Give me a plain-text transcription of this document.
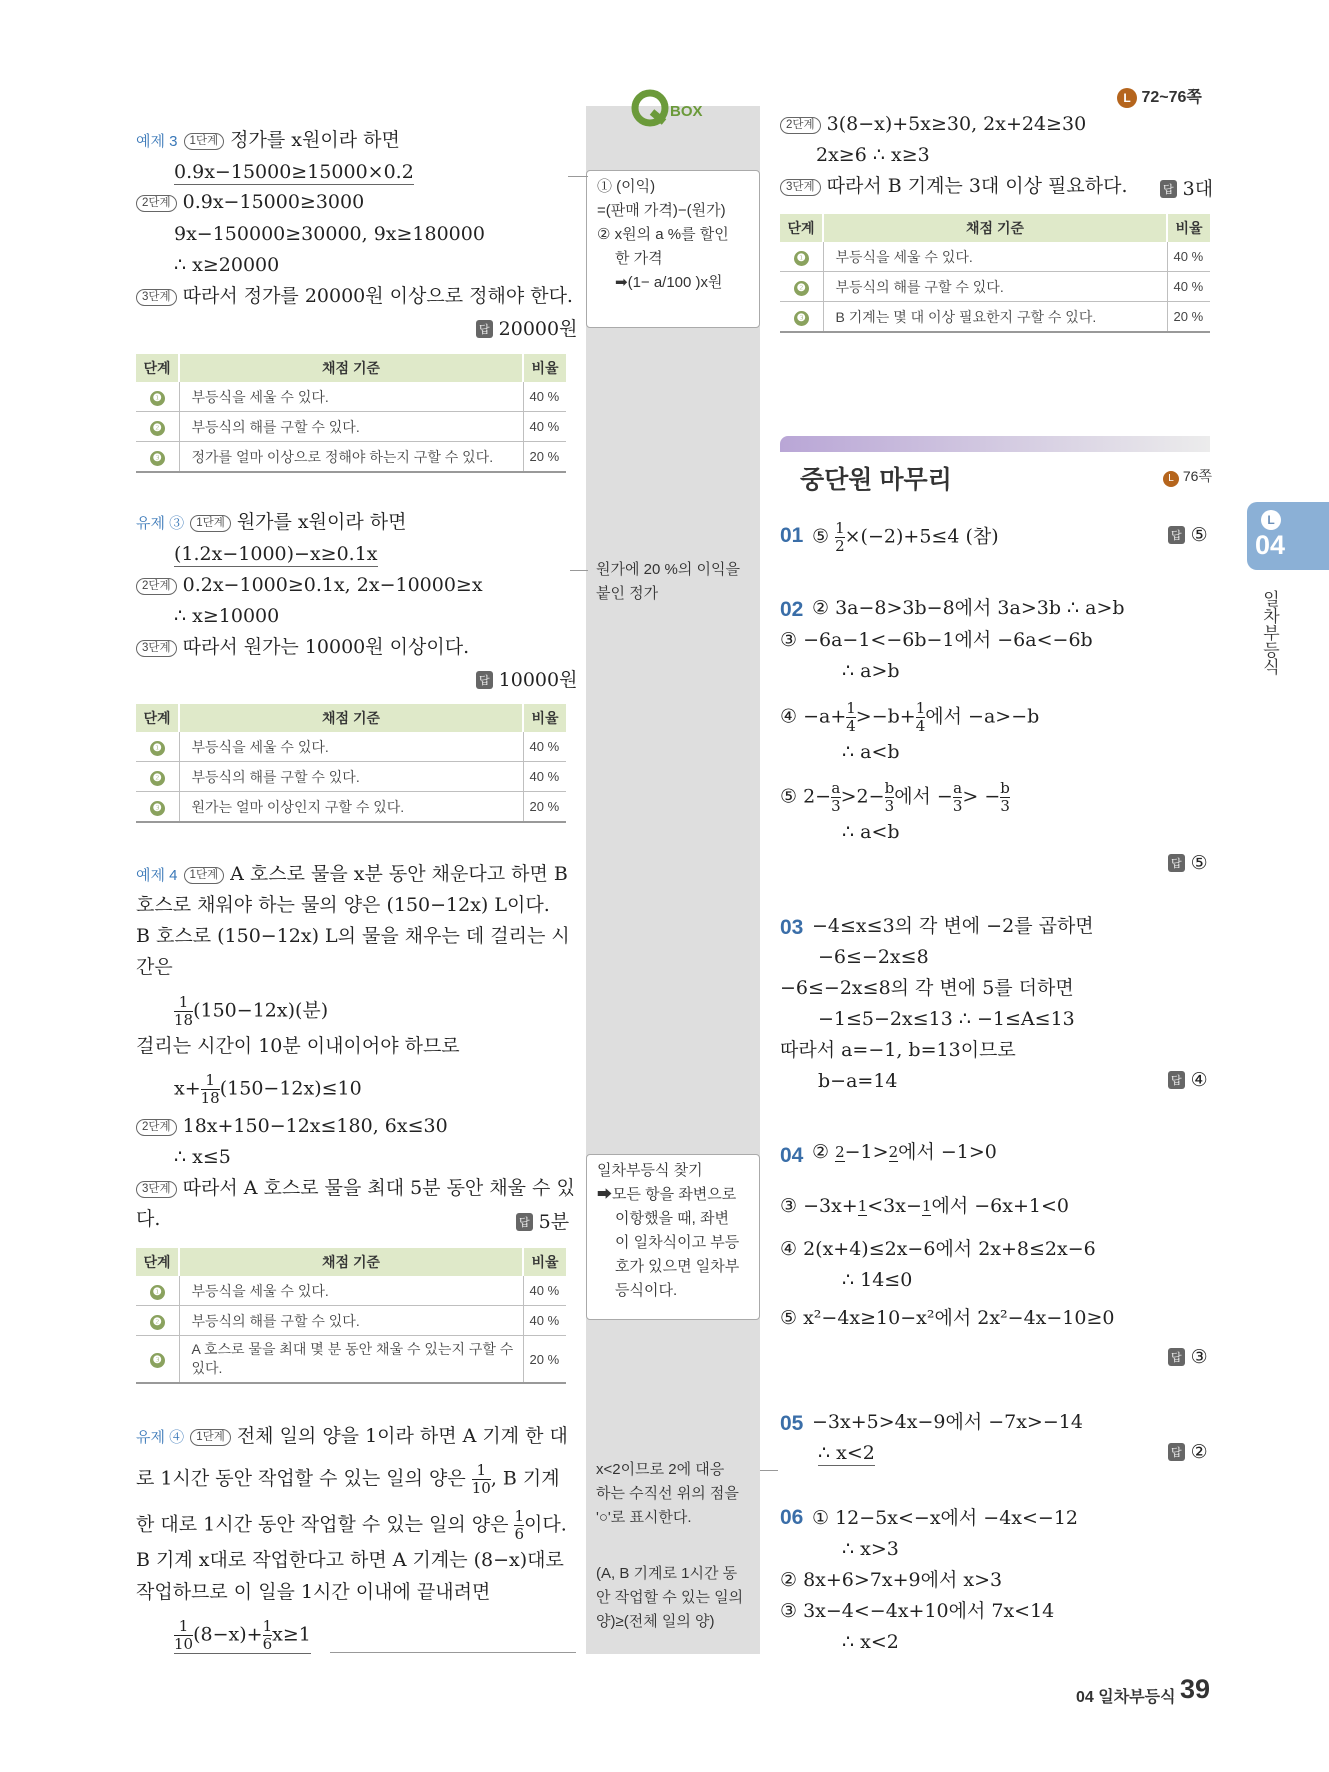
L 72~76쪽
BOX
① (이익)
=(판매 가격)−(원가)
② x원의 a %를 할인
한 가격
➡(1− a/100 )x원
원가에 20 %의 이익을
붙인 정가
일차부등식 찾기
➡모든 항을 좌변으로
이항했을 때, 좌변
이 일차식이고 부등
호가 있으면 일차부
등식이다.
x<2이므로 2에 대응
하는 수직선 위의 점을
'○'로 표시한다.
(A, B 기계로 1시간 동
안 작업할 수 있는 일의
양)≥(전체 일의 양)
예제 3 1단계 정가를 x원이라 하면
0.9x−15000≥15000×0.2
2단계 0.9x−15000≥3000
9x−150000≥30000, 9x≥180000
∴ x≥20000
3단계 따라서 정가를 20000원 이상으로 정해야 한다.
답 20000원
단계	채점 기준	비율
❶	부등식을 세울 수 있다.	40 %
❷	부등식의 해를 구할 수 있다.	40 %
❸	정가를 얼마 이상으로 정해야 하는지 구할 수 있다.	20 %
유제 ③ 1단계 원가를 x원이라 하면
(1.2x−1000)−x≥0.1x
2단계 0.2x−1000≥0.1x, 2x−10000≥x
∴ x≥10000
3단계 따라서 원가는 10000원 이상이다.
답 10000원
단계	채점 기준	비율
❶	부등식을 세울 수 있다.	40 %
❷	부등식의 해를 구할 수 있다.	40 %
❸	원가는 얼마 이상인지 구할 수 있다.	20 %
예제 4 1단계 A 호스로 물을 x분 동안 채운다고 하면 B
호스로 채워야 하는 물의 양은 (150−12x) L이다.
B 호스로 (150−12x) L의 물을 채우는 데 걸리는 시
간은
$\frac{1}{18} (150-12x)$(분)
걸리는 시간이 10분 이내이어야 하므로
$x+ \frac{1}{18} (150-12x)\le 10$
2단계 18x+150−12x≤180, 6x≤30
∴ x≤5
3단계 따라서 A 호스로 물을 최대 5분 동안 채울 수 있
다.	답 5분
단계	채점 기준	비율
❶	부등식을 세울 수 있다.	40 %
❷	부등식의 해를 구할 수 있다.	40 %
❸	A 호스로 물을 최대 몇 분 동안 채울 수 있는지 구할 수 있다.	20 %
유제 ④ 1단계 전체 일의 양을 1이라 하면 A 기계 한 대
로 1시간 동안 작업할 수 있는 일의 양은 $\frac{1}{10}$ , B 기계
한 대로 1시간 동안 작업할 수 있는 일의 양은 $\frac{1}{6}$ 이다.
B 기계 x대로 작업한다고 하면 A 기계는 (8−x)대로
작업하므로 이 일을 1시간 이내에 끝내려면
$\frac{1}{10} (8-x)+ \frac{1}{6} x\ge 1$
2단계 3(8−x)+5x≥30, 2x+24≥30
2x≥6 ∴ x≥3
3단계 따라서 B 기계는 3대 이상 필요하다.	답 3대
단계	채점 기준	비율
❶	부등식을 세울 수 있다.	40 %
❷	부등식의 해를 구할 수 있다.	40 %
❸	B 기계는 몇 대 이상 필요한지 구할 수 있다.	20 %
중단원 마무리	L 76쪽
01 ⑤ $\frac{1}{2} \times(-2)+5\le 4$ (참)	답 ⑤
02 ② 3a−8>3b−8에서 3a>3b ∴ a>b
③ −6a−1<−6b−1에서 −6a<−6b
∴ a>b
④ $-a+ \frac{1}{4} >-b+ \frac{1}{4}$ 에서 −a>−b
∴ a<b
⑤ $2- \frac{a}{3} >2- \frac{b}{3}$ 에서 − $\frac{a}{3}$ > − $\frac{b}{3}$
∴ a<b
답 ⑤
03 −4≤x≤3의 각 변에 −2를 곱하면
−6≤−2x≤8
−6≤−2x≤8의 각 변에 5를 더하면
−1≤5−2x≤13 ∴ −1≤A≤13
따라서 a=−1, b=13이므로
b−a=14	답 ④
04 ② 2 −1> 2 에서 −1>0
③ −3x+ 1 <3x− 1 에서 −6x+1<0
④ 2(x+4)≤2x−6에서 2x+8≤2x−6
∴ 14≤0
⑤ x²−4x≥10−x²에서 2x²−4x−10≥0
답 ③
05 −3x+5>4x−9에서 −7x>−14
∴ x<2	답 ②
06 ① 12−5x<−x에서 −4x<−12
∴ x>3
② 8x+6>7x+9에서 x>3
③ 3x−4<−4x+10에서 7x<14
∴ x<2
L
04
일차부등식
04 일차부등식 39
